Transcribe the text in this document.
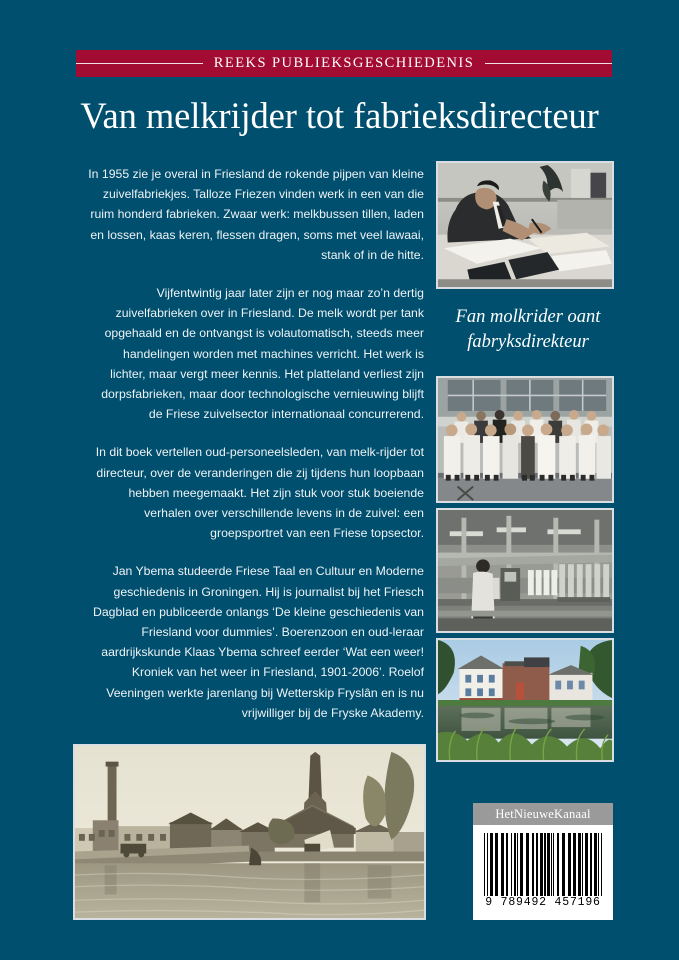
REEKS PUBLIEKSGESCHIEDENIS
Van melkrijder tot fabrieksdirecteur

In 1955 zie je overal in Friesland de rokende pijpen van kleine zuivelfabriekjes. Talloze Friezen vinden werk in een van die ruim honderd fabrieken. Zwaar werk: melkbussen tillen, laden en lossen, kaas keren, flessen dragen, soms met veel lawaai, stank of in de hitte.

Vijfentwintig jaar later zijn er nog maar zo’n dertig zuivelfabrieken over in Friesland. De melk wordt per tank opgehaald en de ontvangst is volautomatisch, steeds meer handelingen worden met machines verricht. Het werk is lichter, maar vergt meer kennis. Het platteland verliest zijn dorpsfabrieken, maar door technologische vernieuwing blijft de Friese zuivelsector internationaal concurrerend.

In dit boek vertellen oud-personeelsleden, van melk-rijder tot directeur, over de veranderingen die zij tijdens hun loopbaan hebben meegemaakt. Het zijn stuk voor stuk boeiende verhalen over verschillende levens in de zuivel: een groepsportret van een Friese topsector.

Jan Ybema studeerde Friese Taal en Cultuur en Moderne geschiedenis in Groningen. Hij is journalist bij het Friesch Dagblad en publiceerde onlangs ‘De kleine geschiedenis van Friesland voor dummies’. Boerenzoon en oud-leraar aardrijkskunde Klaas Ybema schreef eerder ‘Wat een weer! Kroniek van het weer in Friesland, 1901-2006’. Roelof Veeningen werkte jarenlang bij Wetterskip Fryslân en is nu vrijwilliger bij de Fryske Akademy.

Fan molkrider oant
fabryksdirekteur
HetNieuweKanaal
9 789492 457196
